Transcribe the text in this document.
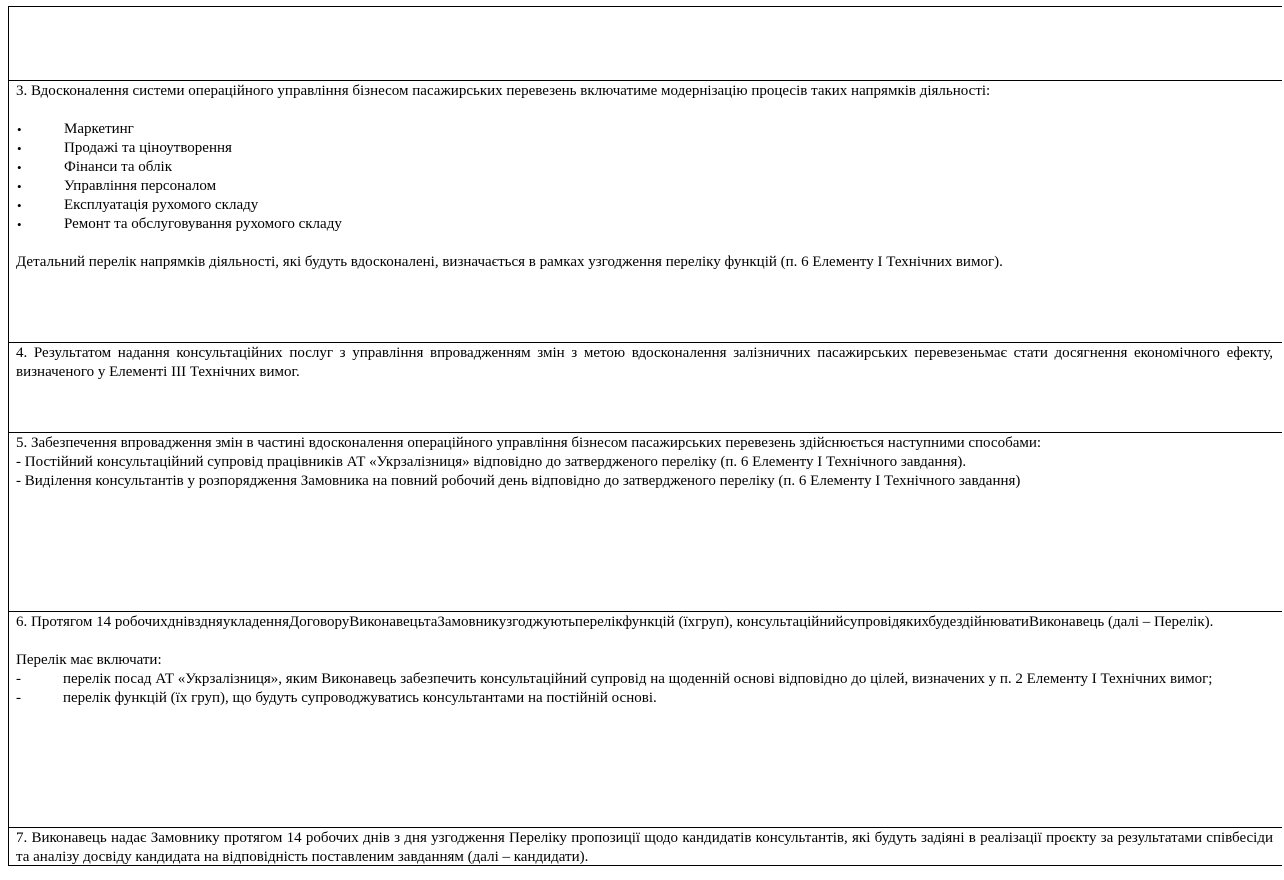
3. Вдосконалення системи операційного управління бізнесом пасажирських перевезень включатиме модернізацію процесів таких напрямків діяльності:

•	Маркетинг
•	Продажі та ціноутворення
•	Фінанси та облік
•	Управління персоналом
•	Експлуатація рухомого складу
•	Ремонт та обслуговування рухомого складу

Детальний перелік напрямків діяльності, які будуть вдосконалені, визначається в рамках узгодження переліку функцій (п. 6 Елементу І Технічних вимог).

4. Результатом надання консультаційних послуг з управління впровадженням змін з метою вдосконалення залізничних пасажирських перевезеньмає стати досягнення економічного ефекту, визначеного у Елементі ІІІ Технічних вимог.

5. Забезпечення впровадження змін в частині вдосконалення операційного управління бізнесом пасажирських перевезень здійснюється наступними способами:

- Постійний консультаційний супровід працівників АТ «Укрзалізниця» відповідно до затвердженого переліку (п. 6 Елементу І Технічного завдання).

- Виділення консультантів у розпорядження Замовника на повний робочий день відповідно до затвердженого переліку (п. 6 Елементу І Технічного завдання)

6. Протягом 14 робочихднівздняукладенняДоговоруВиконавецьтаЗамовникузгоджуютьперелікфункцій (їхгруп), консультаційнийсупровідякихбудездійнюватиВиконавець (далі – Перелік).

Перелік має включати:

-	перелік посад АТ «Укрзалізниця», яким Виконавець забезпечить консультаційний супровід на щоденній основі відповідно до цілей, визначених у п. 2 Елементу І Технічних вимог;
-	перелік функцій (їх груп), що будуть супроводжуватись консультантами на постійній основі.

7. Виконавець надає Замовнику протягом 14 робочих днів з дня узгодження Переліку пропозиції щодо кандидатів консультантів, які будуть задіяні в реалізації проєкту за результатами співбесіди та аналізу досвіду кандидата на відповідність поставленим завданням (далі – кандидати).
